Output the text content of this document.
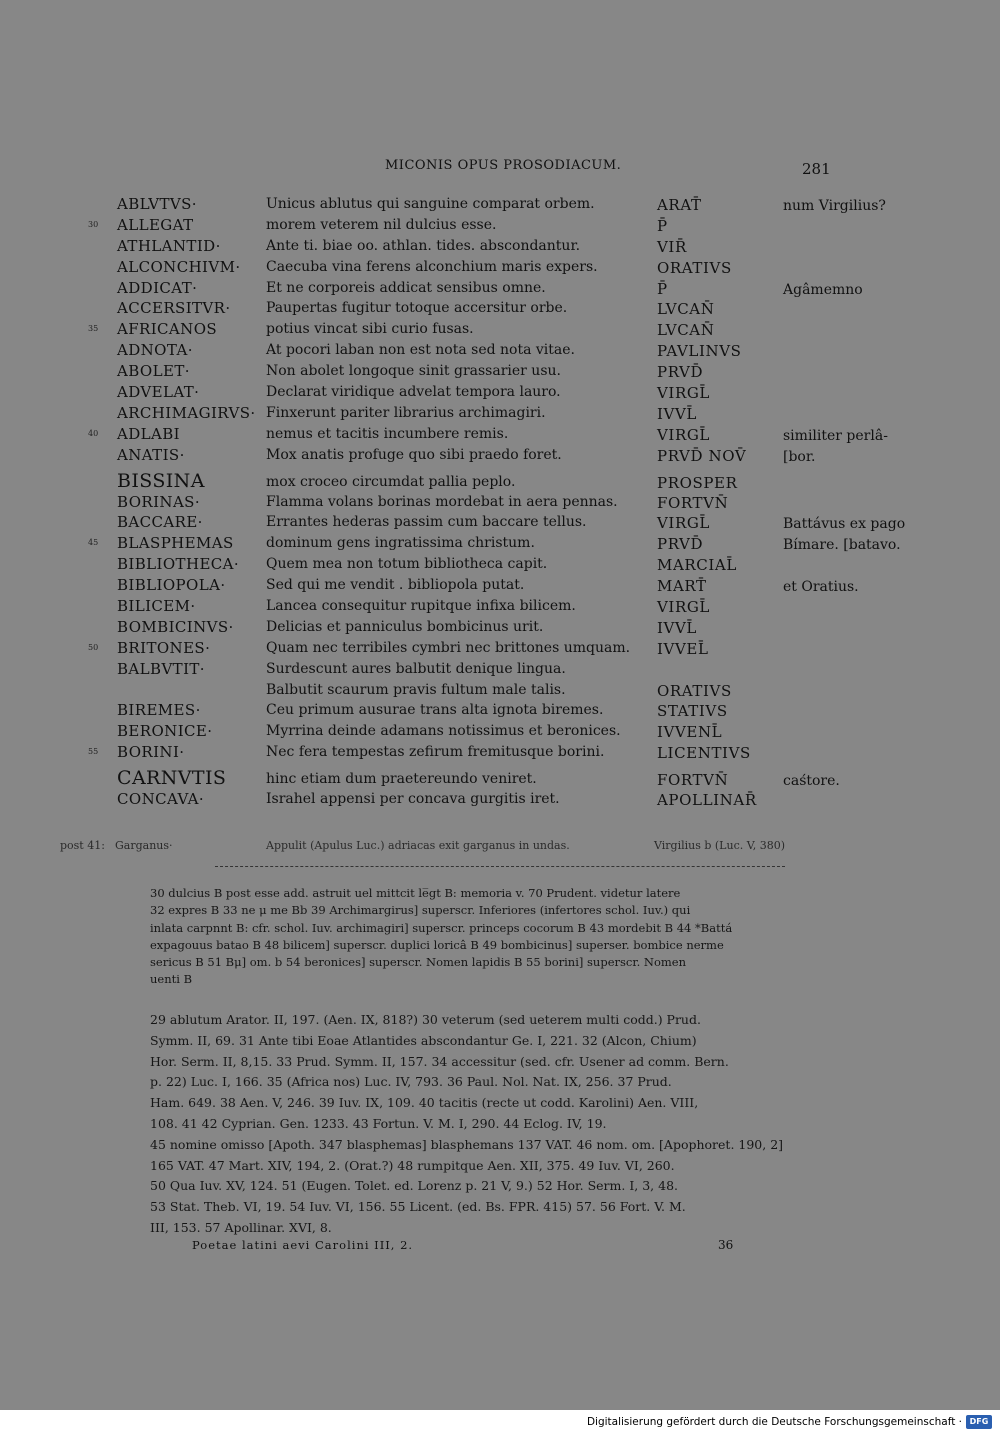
MICONIS OPUS PROSODIACUM.	281
ABLVTVS·	Unicus ablutus qui sanguine comparat orbem.	ARAT̄	num Virgilius?
30 ALLEGAT	morem veterem nil dulcius esse.	P̄
ATHLANTID·	Ante ti. biae oo. athlan. tides. abscondantur.	VIR̄
ALCONCHIVM· Caecuba vina ferens alconchium maris expers.	ORATIVS
ADDICAT·	Et ne corporeis addicat sensibus omne.	P̄	Agâmemno
ACCERSITVR·	Paupertas fugitur totoque accersitur orbe.	LVCAN̄
35 AFRICANOS	potius vincat sibi curio fusas.	LVCAN̄
ADNOTA·	At pocori laban non est nota sed nota vitae.	PAVLINVS
ABOLET·	Non abolet longoque sinit grassarier usu.	PRVD̄
ADVELAT·	Declarat viridique advelat tempora lauro.	VIRGL̄
ARCHIMAGIRVS· Finxerunt pariter librarius archimagiri.	IVVL̄
40 ADLABI	nemus et tacitis incumbere remis.	VIRGL̄	similiter perlâ-
ANATIS·	Mox anatis profuge quo sibi praedo foret.	PRVD̄ NOV̄	[bor.
BISSINA	mox croceo circumdat pallia peplo.	PROSPER
BORINAS·	Flamma volans borinas mordebat in aera pennas.	FORTVN̄
BACCARE·	Errantes hederas passim cum baccare tellus.	VIRGL̄	Battávus ex pago
45 BLASPHEMAS dominum gens ingratissima christum.	PRVD̄	Bímare. [batavo.
BIBLIOTHECA· Quem mea non totum bibliotheca capit.	MARCIAL̄
BIBLIOPOLA·	Sed qui me vendit . bibliopola putat.	MART̄	et Oratius.
BILICEM·	Lancea consequitur rupitque infixa bilicem.	VIRGL̄
BOMBICINVS· Delicias et panniculus bombicinus urit.	IVVL̄
50 BRITONES·	Quam nec terribiles cymbri nec brittones umquam. IVVEL̄
BALBVTIT·	Surdescunt aures balbutit denique lingua.
Balbutit scaurum pravis fultum male talis.	ORATIVS
BIREMES·	Ceu primum ausurae trans alta ignota biremes.	STATIVS
BERONICE·	Myrrina deinde adamans notissimus et beronices. IVVENL̄
55 BORINI·	Nec fera tempestas zefirum fremitusque borini.	LICENTIVS
CARNVTIS	hinc etiam dum praetereundo veniret.	FORTVN̄	caśtore.
CONCAVA·	Israhel appensi per concava gurgitis iret.	APOLLINAR̄
post 41: Garganus·	Appulit (Apulus Luc.) adriacas exit garganus in undas.	Virgilius b (Luc. V, 380)
30 dulcius B post esse add. astruit uel mittcit le̅gt B: memoria v. 70 Prudent. videtur latere
32 expres B 33 ne μ me Bb 39 Archimargirus] superscr. Inferiores (infertores schol. Iuv.) qui
inlata carpnnt B: cfr. schol. Iuv. archimagiri] superscr. princeps cocorum B 43 mordebit B 44 *Battá
expagouus batao B 48 bilicem] superscr. duplici loricâ B 49 bombicinus] superser. bombice nerme
sericus B 51 Bμ] om. b 54 beronices] superscr. Nomen lapidis B 55 borini] superscr. Nomen
uenti B
29 ablutum Arator. II, 197. (Aen. IX, 818?) 30 veterum (sed ueterem multi codd.) Prud.
Symm. II, 69. 31 Ante tibi Eoae Atlantides abscondantur Ge. I, 221. 32 (Alcon, Chium)
Hor. Serm. II, 8,15. 33 Prud. Symm. II, 157. 34 accessitur (sed. cfr. Usener ad comm. Bern.
p. 22) Luc. I, 166. 35 (Africa nos) Luc. IV, 793. 36 Paul. Nol. Nat. IX, 256. 37 Prud.
Ham. 649. 38 Aen. V, 246. 39 Iuv. IX, 109. 40 tacitis (recte ut codd. Karolini) Aen. VIII,
108. 41 42 Cyprian. Gen. 1233. 43 Fortun. V. M. I, 290. 44 Eclog. IV, 19.
45 nomine omisso [Apoth. 347 blasphemas] blasphemans 137 VAT. 46 nom. om. [Apophoret. 190, 2]
165 VAT. 47 Mart. XIV, 194, 2. (Orat.?) 48 rumpitque Aen. XII, 375. 49 Iuv. VI, 260.
50 Qua Iuv. XV, 124. 51 (Eugen. Tolet. ed. Lorenz p. 21 V, 9.) 52 Hor. Serm. I, 3, 48.
53 Stat. Theb. VI, 19. 54 Iuv. VI, 156. 55 Licent. (ed. Bs. FPR. 415) 57. 56 Fort. V. M.
III, 153. 57 Apollinar. XVI, 8.
Poetae latini aevi Carolini III, 2.	36
Digitalisierung gefördert durch die Deutsche Forschungsgemeinschaft · DFG
